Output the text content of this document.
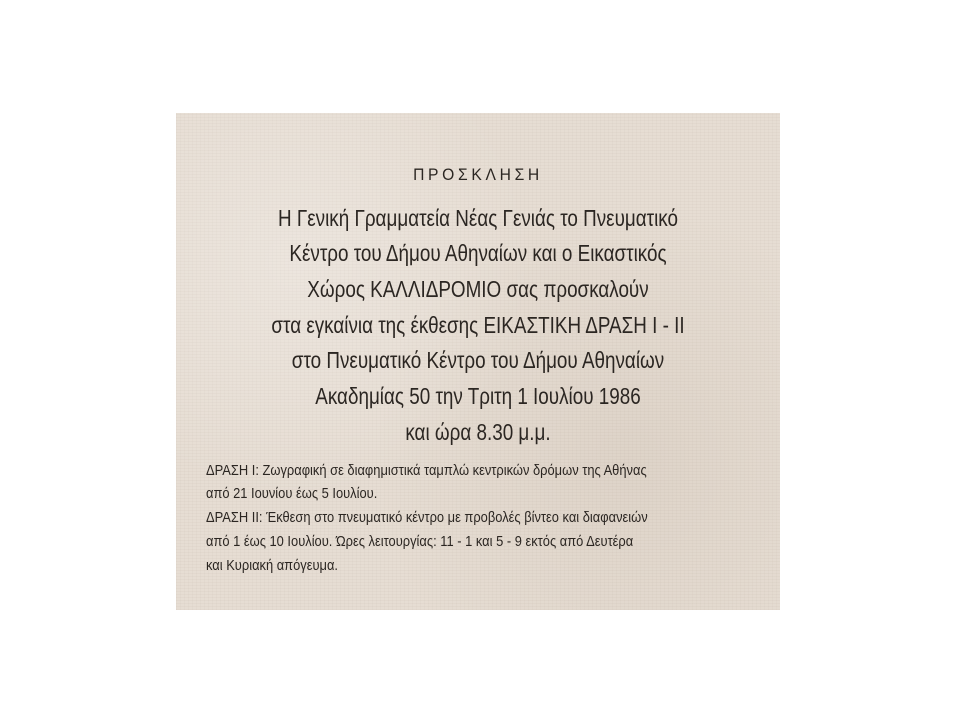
ΠΡΟΣΚΛΗΣΗ
Η Γενική Γραμματεία Νέας Γενιάς το Πνευματικό
Κέντρο του Δήμου Αθηναίων και ο Εικαστικός
Χώρος ΚΑΛΛΙΔΡΟΜΙΟ σας προσκαλούν
στα εγκαίνια της έκθεσης ΕΙΚΑΣΤΙΚΗ ΔΡΑΣΗ Ι - ΙΙ
στο Πνευματικό Κέντρο του Δήμου Αθηναίων
Ακαδημίας 50 την Τριτη 1 Ιουλίου 1986
και ώρα 8.30 μ.μ.
ΔΡΑΣΗ Ι: Ζωγραφική σε διαφημιστικά ταμπλώ κεντρικών δρόμων της Αθήνας
από 21 Ιουνίου έως 5 Ιουλίου.
ΔΡΑΣΗ ΙΙ: Έκθεση στο πνευματικό κέντρο με προβολές βίντεο και διαφανειών
από 1 έως 10 Ιουλίου. Ώρες λειτουργίας: 11 - 1 και 5 - 9 εκτός από Δευτέρα
και Κυριακή απόγευμα.
